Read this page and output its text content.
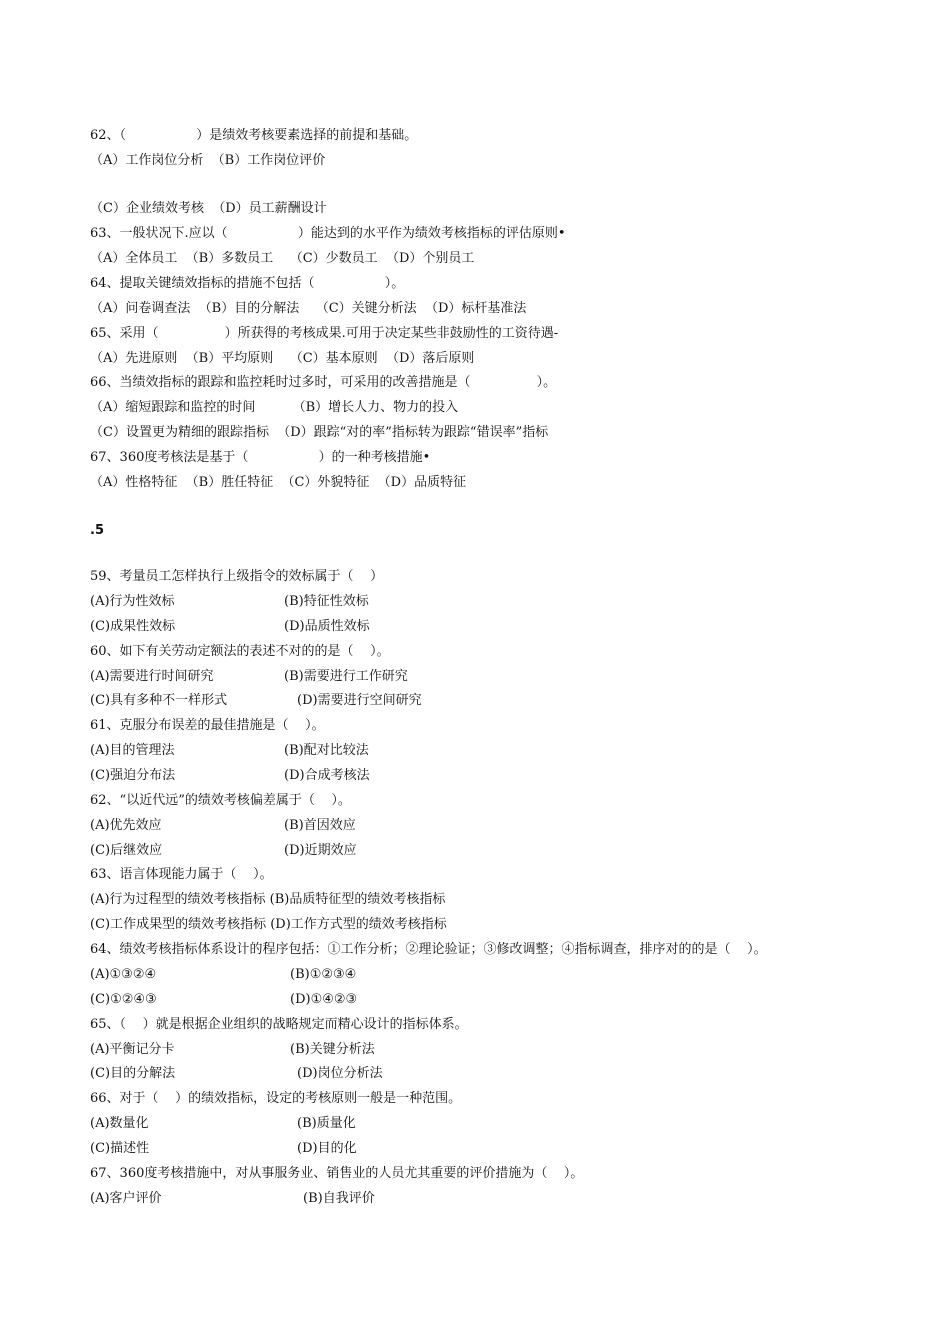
62、（                 ）是绩效考核要素选择的前提和基础。
（A）工作岗位分析  （B）工作岗位评价
（C）企业绩效考核  （D）员工薪酬设计
63、一般状况下.应以（                 ）能达到的水平作为绩效考核指标的评估原则•
（A）全体员工  （B）多数员工    （C）少数员工  （D）个别员工
64、提取关键绩效指标的措施不包括（                 ）。
（A）问卷调查法  （B）目的分解法    （C）关键分析法  （D）标杆基准法
65、采用（                ）所获得的考核成果.可用于决定某些非鼓励性的工资待遇-
（A）先进原则  （B）平均原则    （C）基本原则  （D）落后原则
66、当绩效指标的跟踪和监控耗时过多时，可采用的改善措施是（                ）。
（A）缩短跟踪和监控的时间         （B）增长人力、物力的投入
（C）设置更为精细的跟踪指标  （D）跟踪“对的率”指标转为跟踪“错误率”指标
67、360度考核法是基于（                 ）的一种考核措施•
（A）性格特征  （B）胜任特征  （C）外貌特征  （D）品质特征
.5
59、考量员工怎样执行上级指令的效标属于（    ）
(A)行为性效标	(B)特征性效标
(C)成果性效标	(D)品质性效标
60、如下有关劳动定额法的表述不对的的是（    ）。
(A)需要进行时间研究	(B)需要进行工作研究
(C)具有多种不一样形式	(D)需要进行空间研究
61、克服分布误差的最佳措施是（    ）。
(A)目的管理法	(B)配对比较法
(C)强迫分布法	(D)合成考核法
62、“以近代远”的绩效考核偏差属于（    ）。
(A)优先效应	(B)首因效应
(C)后继效应	(D)近期效应
63、语言体现能力属于（    ）。
(A)行为过程型的绩效考核指标 (B)品质特征型的绩效考核指标
(C)工作成果型的绩效考核指标 (D)工作方式型的绩效考核指标
64、绩效考核指标体系设计的程序包括：①工作分析；②理论验证；③修改调整；④指标调查，排序对的的是（    ）。
(A)①③②④	(B)①②③④
(C)①②④③	(D)①④②③
65、（    ）就是根据企业组织的战略规定而精心设计的指标体系。
(A)平衡记分卡	(B)关键分析法
(C)目的分解法	(D)岗位分析法
66、对于（    ）的绩效指标，设定的考核原则一般是一种范围。
(A)数量化	(B)质量化
(C)描述性	(D)目的化
67、360度考核措施中，对从事服务业、销售业的人员尤其重要的评价措施为（    ）。
(A)客户评价	(B)自我评价
